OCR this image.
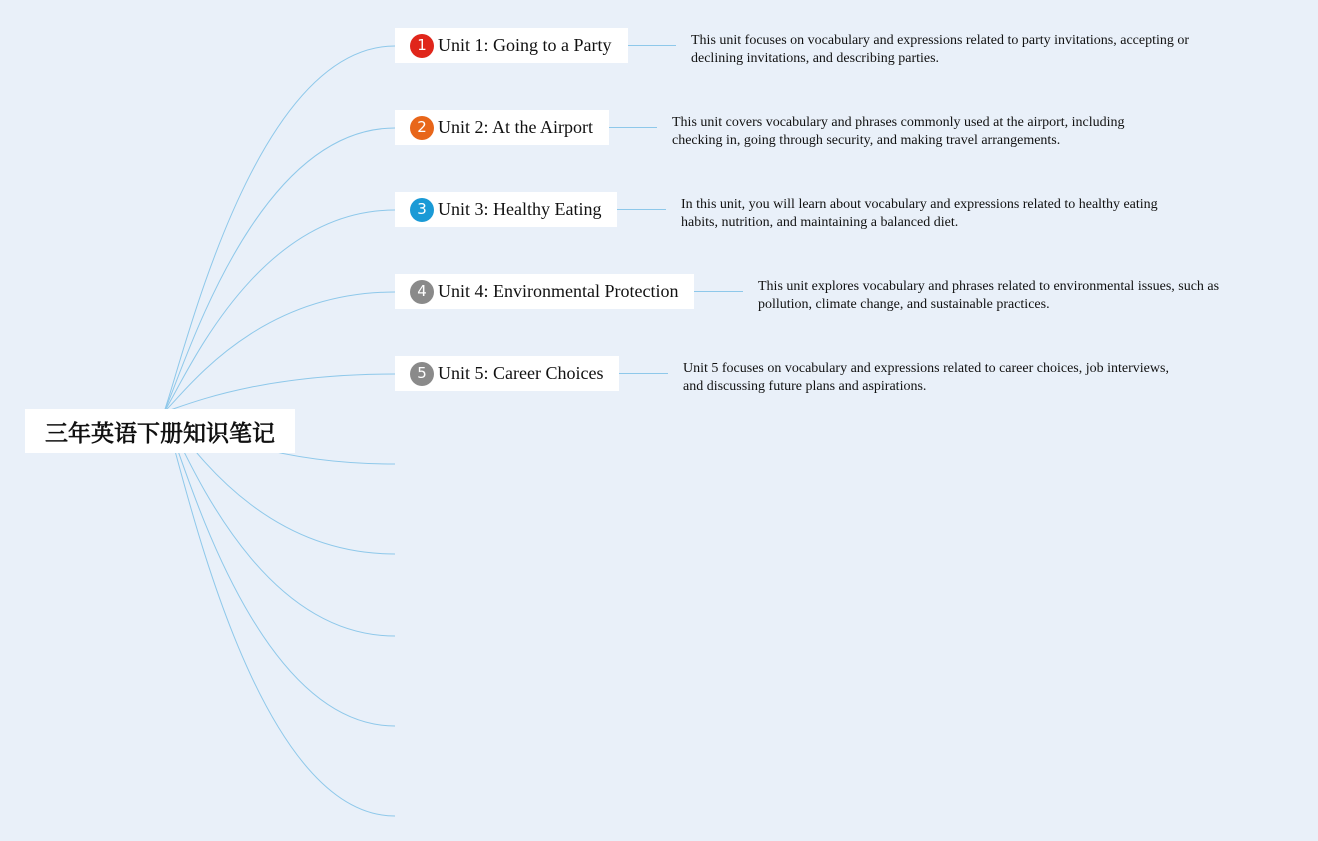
三年英语下册知识笔记
1 Unit 1: Going to a Party	This unit focuses on vocabulary and expressions related to party invitations, accepting or declining invitations, and describing parties.
2 Unit 2: At the Airport	This unit covers vocabulary and phrases commonly used at the airport, including checking in, going through security, and making travel arrangements.
3 Unit 3: Healthy Eating	In this unit, you will learn about vocabulary and expressions related to healthy eating habits, nutrition, and maintaining a balanced diet.
4 Unit 4: Environmental Protection	This unit explores vocabulary and phrases related to environmental issues, such as pollution, climate change, and sustainable practices.
5 Unit 5: Career Choices	Unit 5 focuses on vocabulary and expressions related to career choices, job interviews, and discussing future plans and aspirations.
